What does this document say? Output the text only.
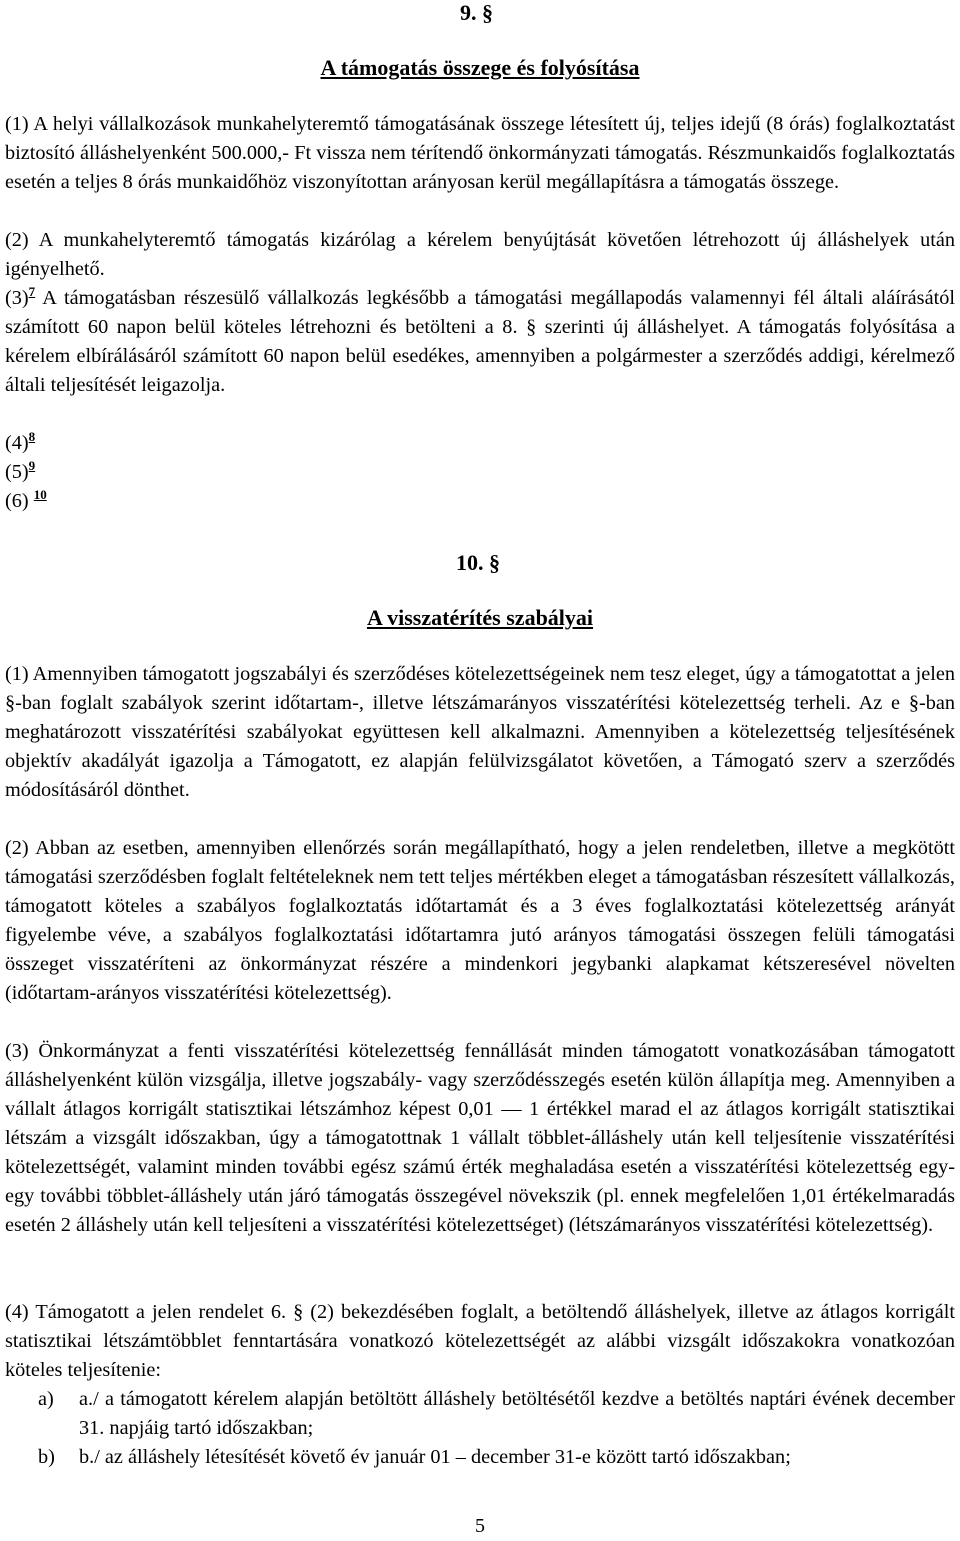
9. §
A támogatás összege és folyósítása

(1) A helyi vállalkozások munkahelyteremtő támogatásának összege létesített új, teljes idejű (8 órás) foglalkoztatást biztosító álláshelyenként 500.000,- Ft vissza nem térítendő önkormányzati támogatás. Részmunkaidős foglalkoztatás esetén a teljes 8 órás munkaidőhöz viszonyítottan arányosan kerül megállapításra a támogatás összege.

(2) A munkahelyteremtő támogatás kizárólag a kérelem benyújtását követően létrehozott új álláshelyek után igényelhető.

(3)$^7$ A támogatásban részesülő vállalkozás legkésőbb a támogatási megállapodás valamennyi fél általi aláírásától számított 60 napon belül köteles létrehozni és betölteni a 8. § szerinti új álláshelyet. A támogatás folyósítása a kérelem elbírálásáról számított 60 napon belül esedékes, amennyiben a polgármester a szerződés addigi, kérelmező általi teljesítését leigazolja.

(4)$^8$

(5)$^9$

(6) $^{10}$

10. §
A visszatérítés szabályai

(1) Amennyiben támogatott jogszabályi és szerződéses kötelezettségeinek nem tesz eleget, úgy a támogatottat a jelen §-ban foglalt szabályok szerint időtartam-, illetve létszámarányos visszatérítési kötelezettség terheli. Az e §-ban meghatározott visszatérítési szabályokat együttesen kell alkalmazni. Amennyiben a kötelezettség teljesítésének objektív akadályát igazolja a Támogatott, ez alapján felülvizsgálatot követően, a Támogató szerv a szerződés módosításáról dönthet.

(2) Abban az esetben, amennyiben ellenőrzés során megállapítható, hogy a jelen rendeletben, illetve a megkötött támogatási szerződésben foglalt feltételeknek nem tett teljes mértékben eleget a támogatásban részesített vállalkozás, támogatott köteles a szabályos foglalkoztatás időtartamát és a 3 éves foglalkoztatási kötelezettség arányát figyelembe véve, a szabályos foglalkoztatási időtartamra jutó arányos támogatási összegen felüli támogatási összeget visszatéríteni az önkormányzat részére a mindenkori jegybanki alapkamat kétszeresével növelten (időtartam-arányos visszatérítési kötelezettség).

(3) Önkormányzat a fenti visszatérítési kötelezettség fennállását minden támogatott vonatkozásában támogatott álláshelyenként külön vizsgálja, illetve jogszabály- vagy szerződésszegés esetén külön állapítja meg. Amennyiben a vállalt átlagos korrigált statisztikai létszámhoz képest 0,01 — 1 értékkel marad el az átlagos korrigált statisztikai létszám a vizsgált időszakban, úgy a támogatottnak 1 vállalt többlet-álláshely után kell teljesítenie visszatérítési kötelezettségét, valamint minden további egész számú érték meghaladása esetén a visszatérítési kötelezettség egy-egy további többlet-álláshely után járó támogatás összegével növekszik (pl. ennek megfelelően 1,01 értékelmaradás esetén 2 álláshely után kell teljesíteni a visszatérítési kötelezettséget) (létszámarányos visszatérítési kötelezettség).

(4) Támogatott a jelen rendelet 6. § (2) bekezdésében foglalt, a betöltendő álláshelyek, illetve az átlagos korrigált statisztikai létszámtöbblet fenntartására vonatkozó kötelezettségét az alábbi vizsgált időszakokra vonatkozóan köteles teljesítenie:

a) a./ a támogatott kérelem alapján betöltött álláshely betöltésétől kezdve a betöltés naptári évének december 31. napjáig tartó időszakban;
b) b./ az álláshely létesítését követő év január 01 – december 31-e között tartó időszakban;
5
